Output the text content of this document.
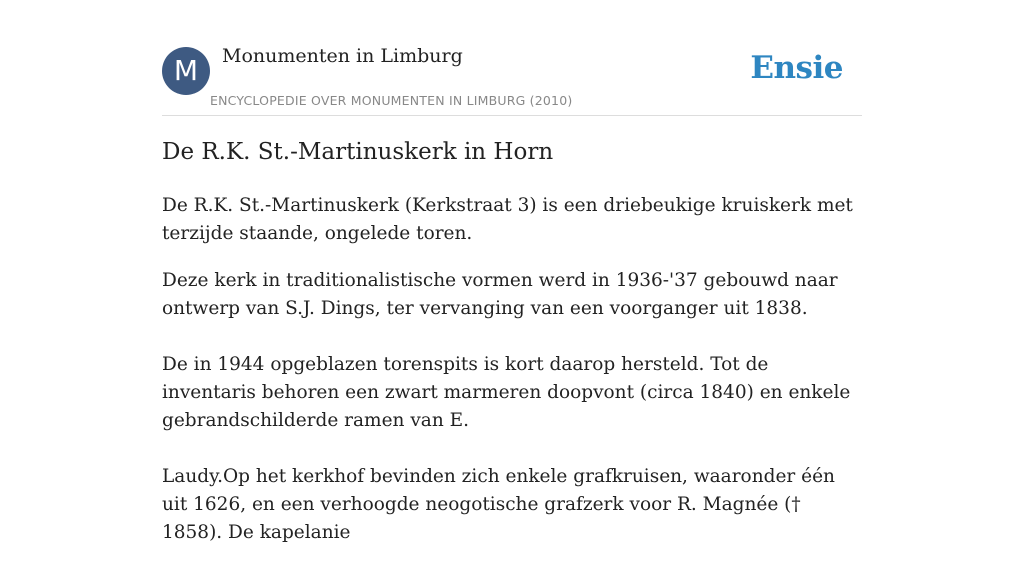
M	Monumenten in Limburg
ENCYCLOPEDIE OVER MONUMENTEN IN LIMBURG (2010)
Ensie
De R.K. St.-Martinuskerk in Horn

De R.K. St.-Martinuskerk (Kerkstraat 3) is een driebeukige kruiskerk met terzijde staande, ongelede toren.

Deze kerk in traditionalistische vormen werd in 1936-'37 gebouwd naar ontwerp van S.J. Dings, ter vervanging van een voorganger uit 1838.

De in 1944 opgeblazen torenspits is kort daarop hersteld. Tot de inventaris behoren een zwart marmeren doopvont (circa 1840) en enkele gebrandschilderde ramen van E.

Laudy.Op het kerkhof bevinden zich enkele grafkruisen, waaronder één uit 1626, en een verhoogde neogotische grafzerk voor R. Magnée († 1858). De kapelanie
